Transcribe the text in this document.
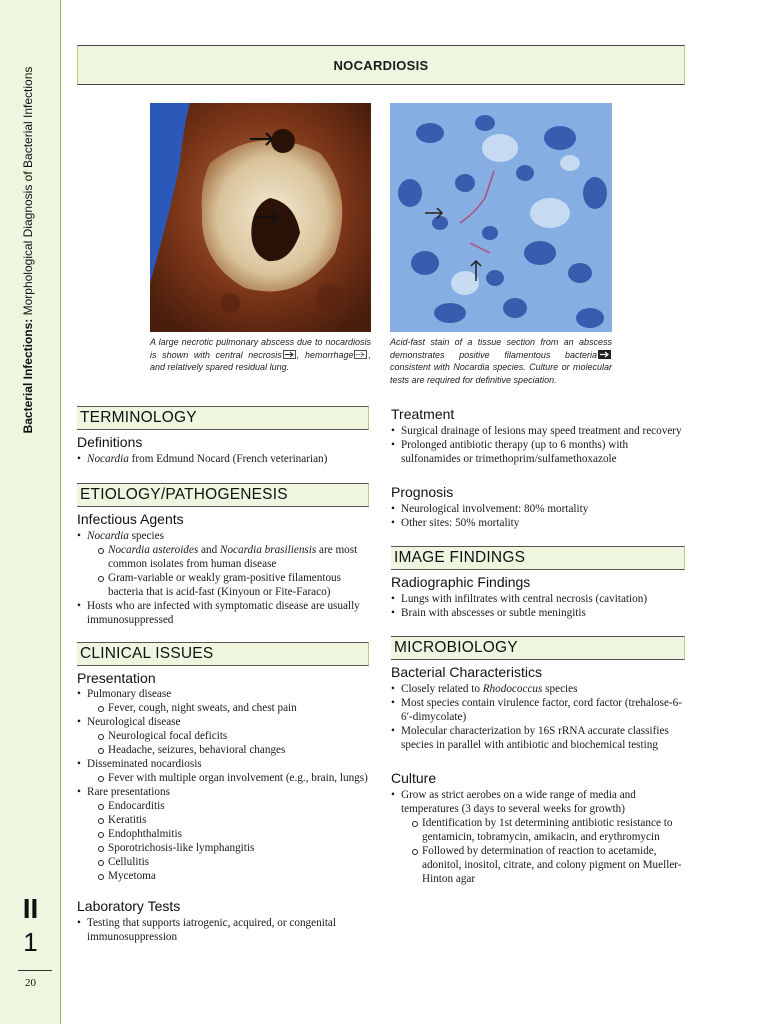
Bacterial Infections: Morphological Diagnosis of Bacterial Infections
II
1
20
NOCARDIOSIS
A large necrotic pulmonary abscess due to nocardiosis is shown with central necrosis , hemorrhage , and relatively spared residual lung.
Acid-fast stain of a tissue section from an abscess demonstrates positive filamentous bacteria consistent with Nocardia species. Culture or molecular tests are required for definitive speciation.
TERMINOLOGY
Definitions
• Nocardia from Edmund Nocard (French veterinarian)
ETIOLOGY/PATHOGENESIS
Infectious Agents
• Nocardia species
Nocardia asteroides and Nocardia brasiliensis are most common isolates from human disease
Gram-variable or weakly gram-positive filamentous bacteria that is acid-fast (Kinyoun or Fite-Faraco)
• Hosts who are infected with symptomatic disease are usually immunosuppressed
CLINICAL ISSUES
Presentation
• Pulmonary disease
Fever, cough, night sweats, and chest pain
• Neurological disease
Neurological focal deficits
Headache, seizures, behavioral changes
• Disseminated nocardiosis
Fever with multiple organ involvement (e.g., brain, lungs)
• Rare presentations
Endocarditis
Keratitis
Endophthalmitis
Sporotrichosis-like lymphangitis
Cellulitis
Mycetoma
Laboratory Tests
• Testing that supports iatrogenic, acquired, or congenital immunosuppression
Treatment
• Surgical drainage of lesions may speed treatment and recovery
• Prolonged antibiotic therapy (up to 6 months) with sulfonamides or trimethoprim/sulfamethoxazole
Prognosis
• Neurological involvement: 80% mortality
• Other sites: 50% mortality
IMAGE FINDINGS
Radiographic Findings
• Lungs with infiltrates with central necrosis (cavitation)
• Brain with abscesses or subtle meningitis
MICROBIOLOGY
Bacterial Characteristics
• Closely related to Rhodococcus species
• Most species contain virulence factor, cord factor (trehalose-6-6′-dimycolate)
• Molecular characterization by 16S rRNA accurate classifies species in parallel with antibiotic and biochemical testing
Culture
• Grow as strict aerobes on a wide range of media and temperatures (3 days to several weeks for growth)
Identification by 1st determining antibiotic resistance to gentamicin, tobramycin, amikacin, and erythromycin
Followed by determination of reaction to acetamide, adonitol, inositol, citrate, and colony pigment on Mueller-Hinton agar
